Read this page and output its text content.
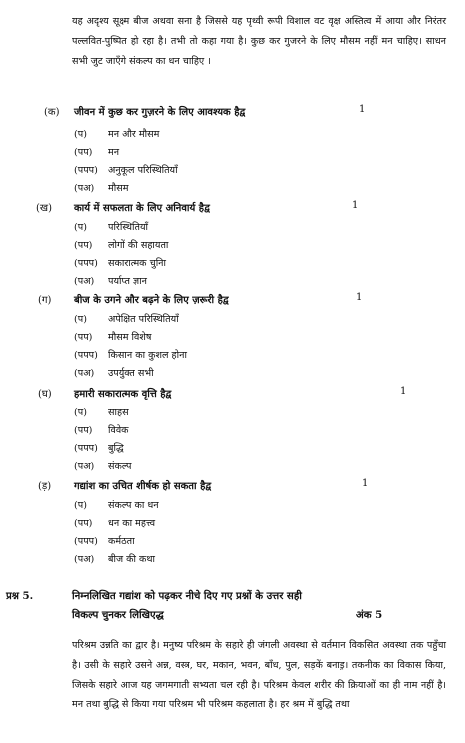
यह अदृश्य सूक्ष्म बीज अथवा सना है जिससे यह पृथ्वी रूपी विशाल वट वृक्ष अस्तित्व में आया और निरंतर पल्लवित-पुष्पित हो रहा है। तभी तो कहा गया है। कुछ कर गुजरने के लिए मौसम नहीं मन चाहिए। साधन सभी जुट जाएँगे संकल्प का धन चाहिए ।
(क) जीवन में कुछ कर गुज़रने के लिए आवश्यक हैद्व	1
(प) मन और मौसम
(पप) मन
(पपप) अनुकूल परिस्थितियाँ
(पअ) मौसम
(ख) कार्य में सफलता के लिए अनिवार्य हैद्व	1
(प) परिस्थितियाँ
(पप) लोगों की सहायता
(पपप) सकारात्मक चुनिा
(पअ) पर्याप्त ज्ञान
(ग) बीज के उगने और बढ़ने के लिए ज़रूरी हैद्व	1
(प) अपेक्षित परिस्थितियाँ
(पप) मौसम विशेष
(पपप) किसान का कुशल होना
(पअ) उपर्युक्त सभी
(घ) हमारी सकारात्मक वृत्ति हैद्व	1
(प) साहस
(पप) विवेक
(पपप) बुद्धि
(पअ) संकल्प
(ड़) गद्यांश का उचित शीर्षक हो सकता हैद्व	1
(प) संकल्प का धन
(पप) धन का महत्त्व
(पपप) कर्मठता
(पअ) बीज की कथा
प्रश्न 5.	निम्नलिखित गद्यांश को पढ़कर नीचे दिए गए प्रश्नों के उत्तर सही
विकल्प चुनकर लिखिएद्ध	अंक 5
परिश्रम उन्नति का द्वार है। मनुष्य परिश्रम के सहारे ही जंगली अवस्था से वर्तमान विकसित अवस्था तक पहुँचा है। उसी के सहारे उसने अन्न, वस्त्र, घर, मकान, भवन, बाँध, पुल, सड़कें बनाइ़। तकनीक का विकास किया, जिसके सहारे आज यह जगमगाती सभ्यता चल रही है। परिश्रम केवल शरीर की क्रियाओं का ही नाम नहीं है। मन तथा बुद्धि से किया गया परिश्रम भी परिश्रम कहलाता है। हर श्रम में बुद्धि तथा
